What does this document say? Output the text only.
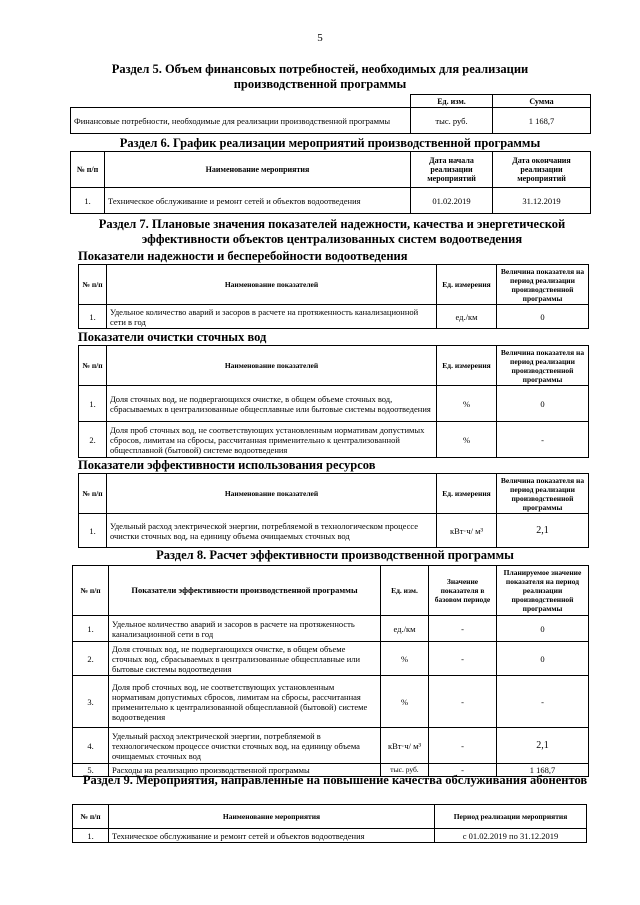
5
Раздел 5. Объем финансовых потребностей, необходимых для реализации производственной программы
	Ед. изм.	Сумма
Финансовые потребности, необходимые для реализации производственной программы	тыс. руб.	1 168,7
Раздел 6. График реализации мероприятий производственной программы
№ п/п	Наименование мероприятия	Дата начала реализации мероприятий	Дата окончания реализации мероприятий
1.	Техническое обслуживание и ремонт сетей и объектов водоотведения	01.02.2019	31.12.2019
Раздел 7. Плановые значения показателей надежности, качества и энергетической эффективности объектов централизованных систем водоотведения
Показатели надежности и бесперебойности водоотведения
№ п/п	Наименование показателей	Ед. измерения	Величина показателя на период реализации производственной программы
1.	Удельное количество аварий и засоров в расчете на протяженность канализационной сети в год	ед./км	0
Показатели очистки сточных вод
№ п/п	Наименование показателей	Ед. измерения	Величина показателя на период реализации производственной программы
1.	Доля сточных вод, не подвергающихся очистке, в общем объеме сточных вод, сбрасываемых в централизованные общесплавные или бытовые системы водоотведения	%	0
2.	Доля проб сточных вод, не соответствующих установленным нормативам допустимых сбросов, лимитам на сбросы, рассчитанная применительно к централизованной общесплавной (бытовой) системе водоотведения	%	-
Показатели эффективности использования ресурсов
№ п/п	Наименование показателей	Ед. измерения	Величина показателя на период реализации производственной программы
1.	Удельный расход электрической энергии, потребляемой в технологическом процессе очистки сточных вод, на единицу объема очищаемых сточных вод	кВт·ч/ м³	2,1
Раздел 8. Расчет эффективности производственной программы
№ п/п	Показатели эффективности производственной программы	Ед. изм.	Значение показателя в базовом периоде	Планируемое значение показателя на период реализации производственной программы
1.	Удельное количество аварий и засоров в расчете на протяженность канализационной сети в год	ед./км	-	0
2.	Доля сточных вод, не подвергающихся очистке, в общем объеме сточных вод, сбрасываемых в централизованные общесплавные или бытовые системы водоотведения	%	-	0
3.	Доля проб сточных вод, не соответствующих установленным нормативам допустимых сбросов, лимитам на сбросы, рассчитанная применительно к централизованной общесплавной (бытовой) системе водоотведения	%	-	-
4.	Удельный расход электрической энергии, потребляемой в технологическом процессе очистки сточных вод, на единицу объема очищаемых сточных вод	кВт·ч/ м³	-	2,1
5.	Расходы на реализацию производственной программы	тыс. руб.	-	1 168,7
Раздел 9. Мероприятия, направленные на повышение качества обслуживания абонентов
№ п/п	Наименование мероприятия	Период реализации мероприятия
1.	Техническое обслуживание и ремонт сетей и объектов водоотведения	с 01.02.2019 по 31.12.2019
